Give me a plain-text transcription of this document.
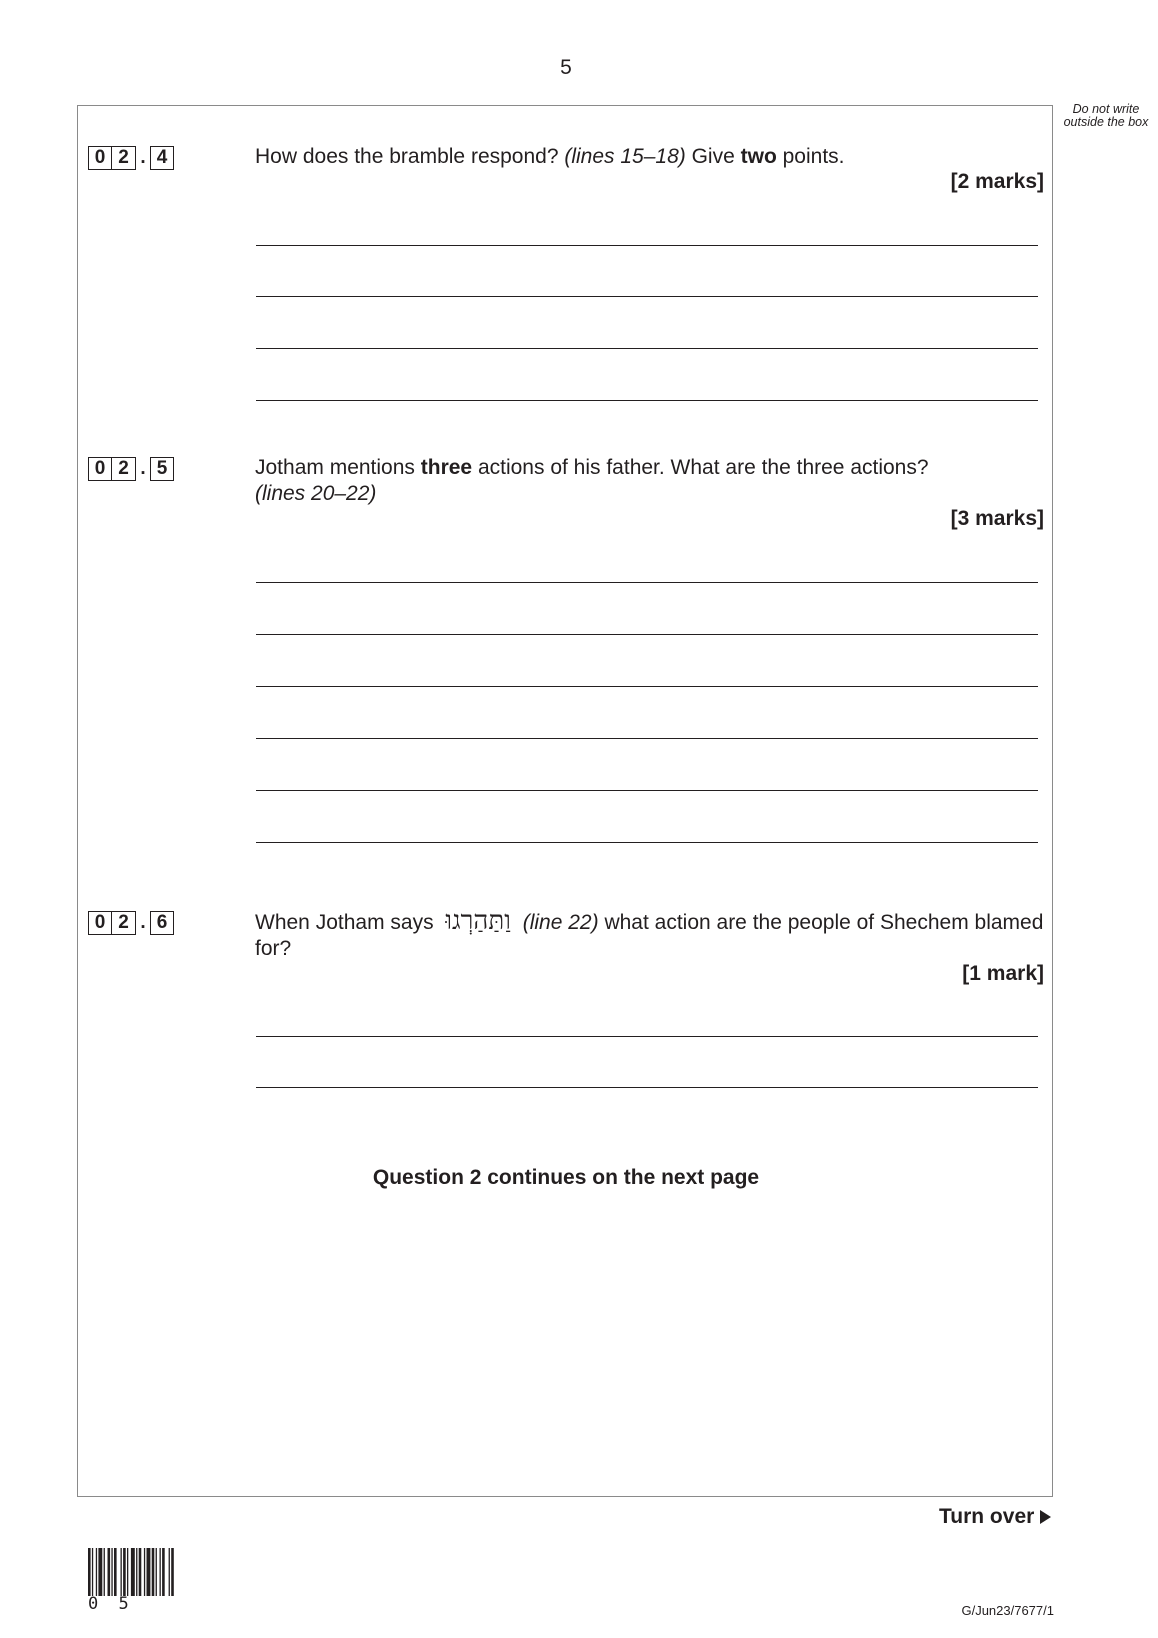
5
Do not write outside the box
0 2 . 4	How does the bramble respond? (lines 15–18) Give two points.
[2 marks]
0 2 . 5	Jotham mentions three actions of his father. What are the three actions?
(lines 20–22)
[3 marks]
0 2 . 6	When Jotham says וַתַּהַרְגוּ (line 22) what action are the people of Shechem blamed for?
[1 mark]
Question 2 continues on the next page
Turn over
0 5	G/Jun23/7677/1
